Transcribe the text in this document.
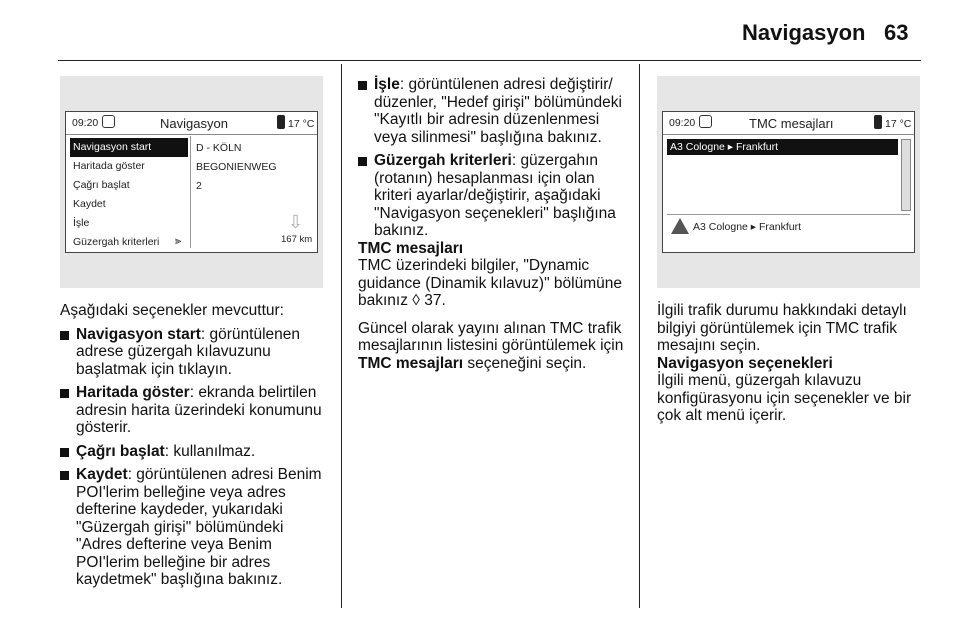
Navigasyon 63
09:20	Navigasyon	17 °C
Navigasyon start
Haritada göster
Çağrı başlat
Kaydet
İşle
Güzergah kriterleri	⫸
D - KÖLN
BEGONIENWEG
2
⇩
167 km

Aşağıdaki seçenekler mevcuttur:

Navigasyon start: görüntülenen adrese güzergah kılavuzunu başlatmak için tıklayın.
Haritada göster: ekranda belirtilen adresin harita üzerindeki konumunu gösterir.
Çağrı başlat: kullanılmaz.
Kaydet: görüntülenen adresi Benim POI'lerim belleğine veya adres defterine kaydeder, yukarıdaki "Güzergah girişi" bölümündeki "Adres defterine veya Benim POI'lerim belleğine bir adres kaydetmek" başlığına bakınız.
İşle: görüntülenen adresi değiştirir/ düzenler, "Hedef girişi" bölümündeki "Kayıtlı bir adresin düzenlenmesi veya silinmesi" başlığına bakınız.
Güzergah kriterleri: güzergahın (rotanın) hesaplanması için olan kriteri ayarlar/değiştirir, aşağıdaki "Navigasyon seçenekleri" başlığına bakınız.

TMC mesajları

TMC üzerindeki bilgiler, "Dynamic guidance (Dinamik kılavuz)" bölümüne bakınız ◊ 37.

Güncel olarak yayını alınan TMC trafik mesajlarının listesini görüntülemek için TMC mesajları seçeneğini seçin.

09:20	TMC mesajları	17 °C
A3 Cologne ▸ Frankfurt
A3 Cologne ▸ Frankfurt

İlgili trafik durumu hakkındaki detaylı bilgiyi görüntülemek için TMC trafik mesajını seçin.

Navigasyon seçenekleri

İlgili menü, güzergah kılavuzu konfigürasyonu için seçenekler ve bir çok alt menü içerir.
